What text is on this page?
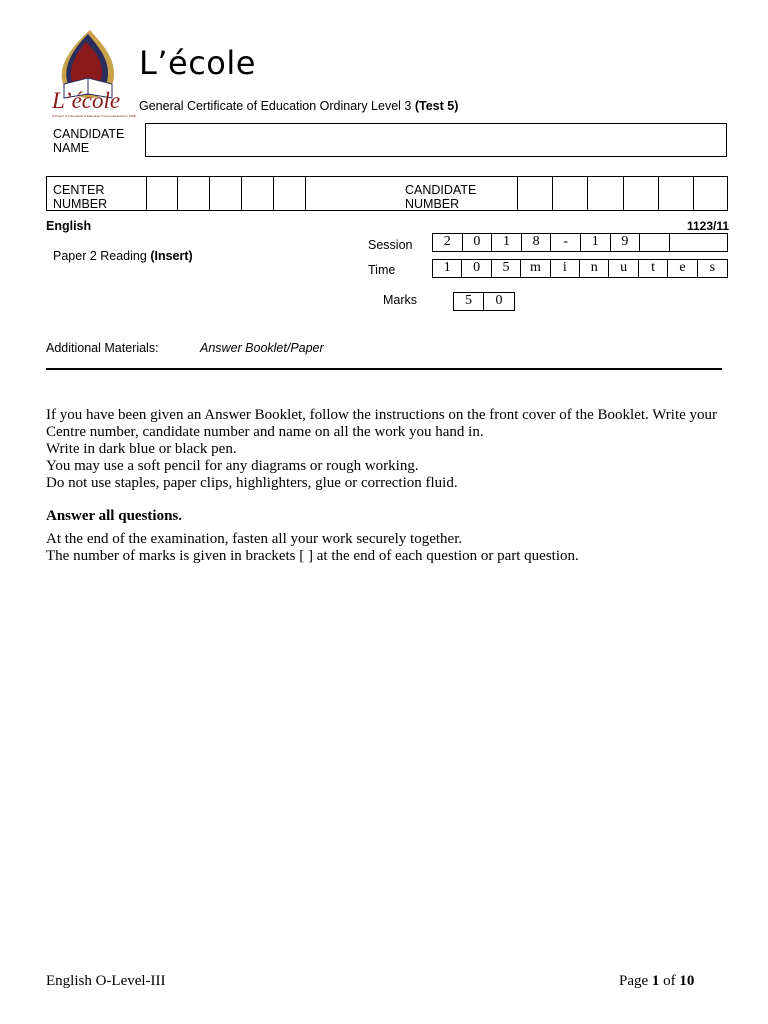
L’école
A Project of Information & Education Trust (established in 1986)
L’école
General Certificate of Education Ordinary Level 3 (Test 5)
CANDIDATE
NAME
CENTER
NUMBER
CANDIDATE
NUMBER
English	1123/11
Paper 2 Reading (Insert)
Session	2	0	1	8	-	1	9
Time	1	0	5	m	i	n	u	t	e	s
Marks	5	0
Additional Materials:	Answer Booklet/Paper
If you have been given an Answer Booklet, follow the instructions on the front cover of the Booklet. Write your Centre number, candidate number and name on all the work you hand in.
Write in dark blue or black pen.
You may use a soft pencil for any diagrams or rough working.
Do not use staples, paper clips, highlighters, glue or correction fluid.
Answer all questions.
At the end of the examination, fasten all your work securely together.
The number of marks is given in brackets [ ] at the end of each question or part question.
English O-Level-III	Page 1 of 10
